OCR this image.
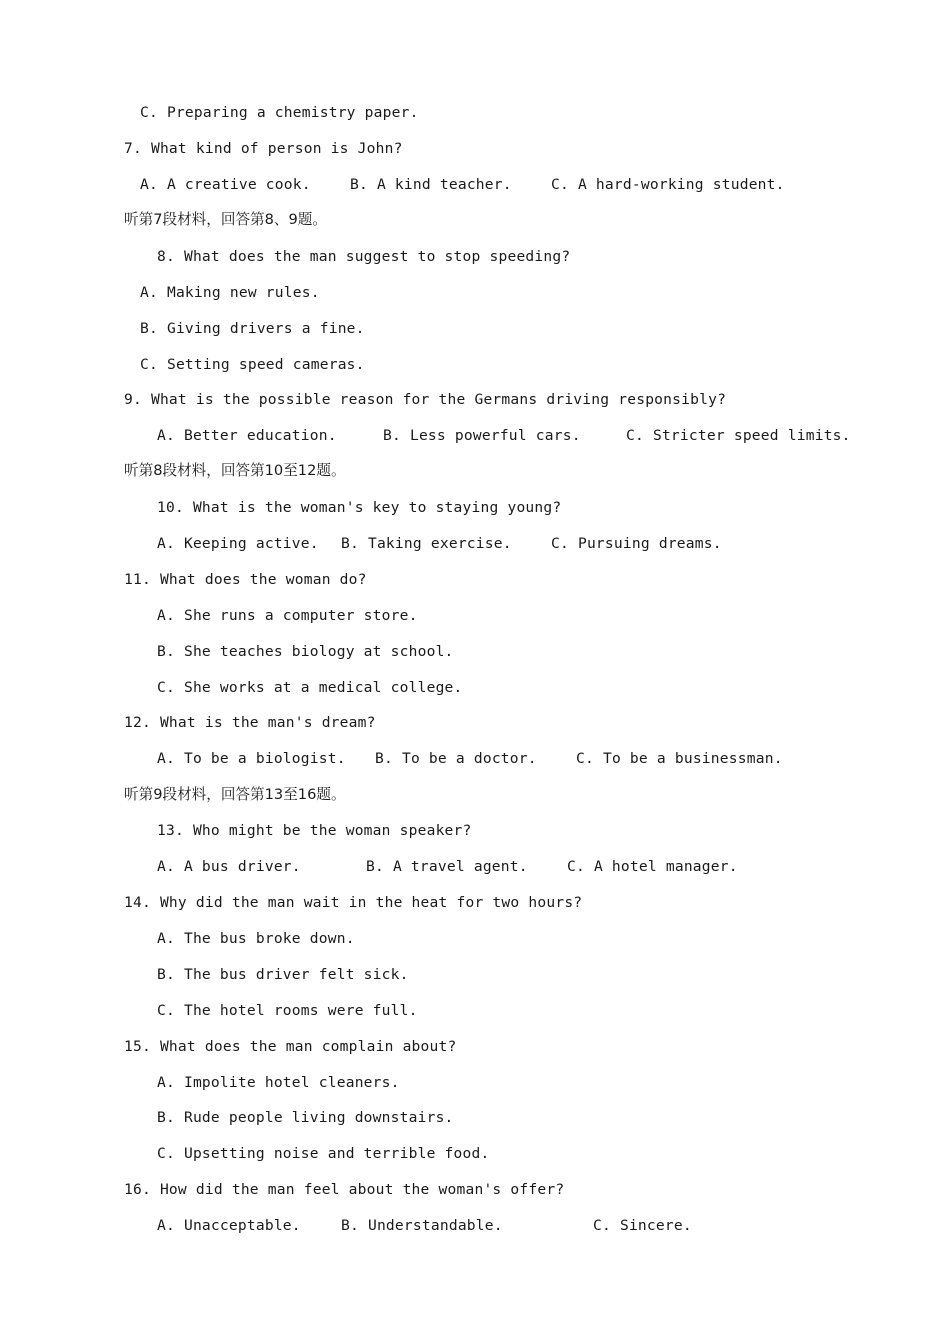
C. Preparing a chemistry paper.
7. What kind of person is John?
A. A creative cook.	B. A kind teacher.	C. A hard-working student.
听第7段材料，回答第8、9题。
8. What does the man suggest to stop speeding?
A. Making new rules.
B. Giving drivers a fine.
C. Setting speed cameras.
9. What is the possible reason for the Germans driving responsibly?
A. Better education.	B. Less powerful cars.	C. Stricter speed limits.
听第8段材料，回答第10至12题。
10. What is the woman's key to staying young?
A. Keeping active. B. Taking exercise.	C. Pursuing dreams.
11. What does the woman do?
A. She runs a computer store.
B. She teaches biology at school.
C. She works at a medical college.
12. What is the man's dream?
A. To be a biologist. B. To be a doctor.	C. To be a businessman.
听第9段材料，回答第13至16题。
13. Who might be the woman speaker?
A. A bus driver.	B. A travel agent.	C. A hotel manager.
14. Why did the man wait in the heat for two hours?
A. The bus broke down.
B. The bus driver felt sick.
C. The hotel rooms were full.
15. What does the man complain about?
A. Impolite hotel cleaners.
B. Rude people living downstairs.
C. Upsetting noise and terrible food.
16. How did the man feel about the woman's offer?
A. Unacceptable.	B. Understandable.	C. Sincere.
